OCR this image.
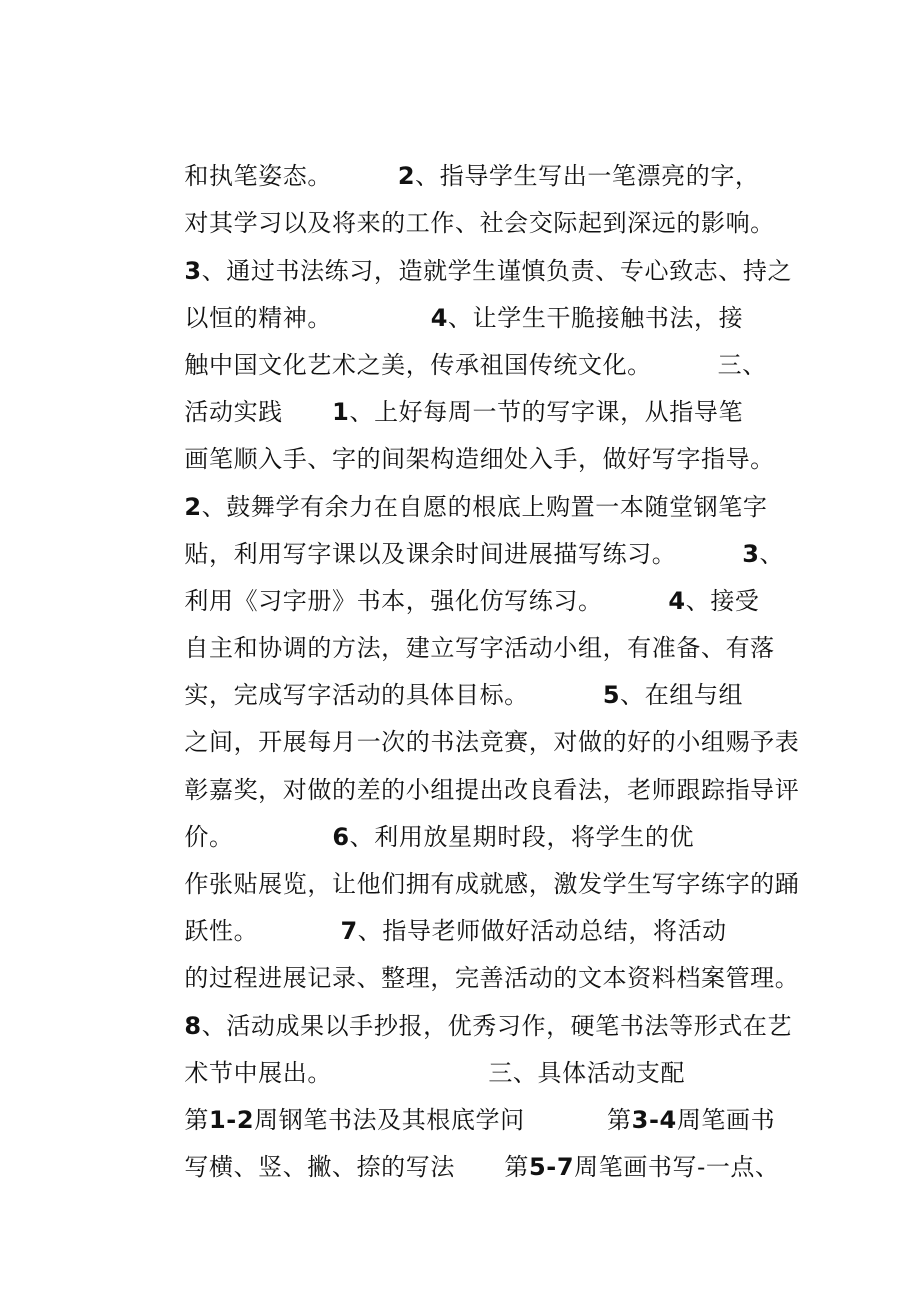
和执笔姿态。        2、指导学生写出一笔漂亮的字，

对其学习以及将来的工作、社会交际起到深远的影响。

3、通过书法练习，造就学生谨慎负责、专心致志、持之

以恒的精神。            4、让学生干脆接触书法，接

触中国文化艺术之美，传承祖国传统文化。        三、

活动实践      1、上好每周一节的写字课，从指导笔

画笔顺入手、字的间架构造细处入手，做好写字指导。

2、鼓舞学有余力在自愿的根底上购置一本随堂钢笔字

贴，利用写字课以及课余时间进展描写练习。        3、

利用《习字册》书本，强化仿写练习。        4、接受

自主和协调的方法，建立写字活动小组，有准备、有落

实，完成写字活动的具体目标。         5、在组与组

之间，开展每月一次的书法竞赛，对做的好的小组赐予表

彰嘉奖，对做的差的小组提出改良看法，老师跟踪指导评

价。            6、利用放星期时段，将学生的优

作张贴展览，让他们拥有成就感，激发学生写字练字的踊

跃性。          7、指导老师做好活动总结，将活动

的过程进展记录、整理，完善活动的文本资料档案管理。

8、活动成果以手抄报，优秀习作，硬笔书法等形式在艺

术节中展出。                   三、具体活动支配

第1-2周钢笔书法及其根底学问          第3-4周笔画书

写横、竖、撇、捺的写法      第5-7周笔画书写-一点、
